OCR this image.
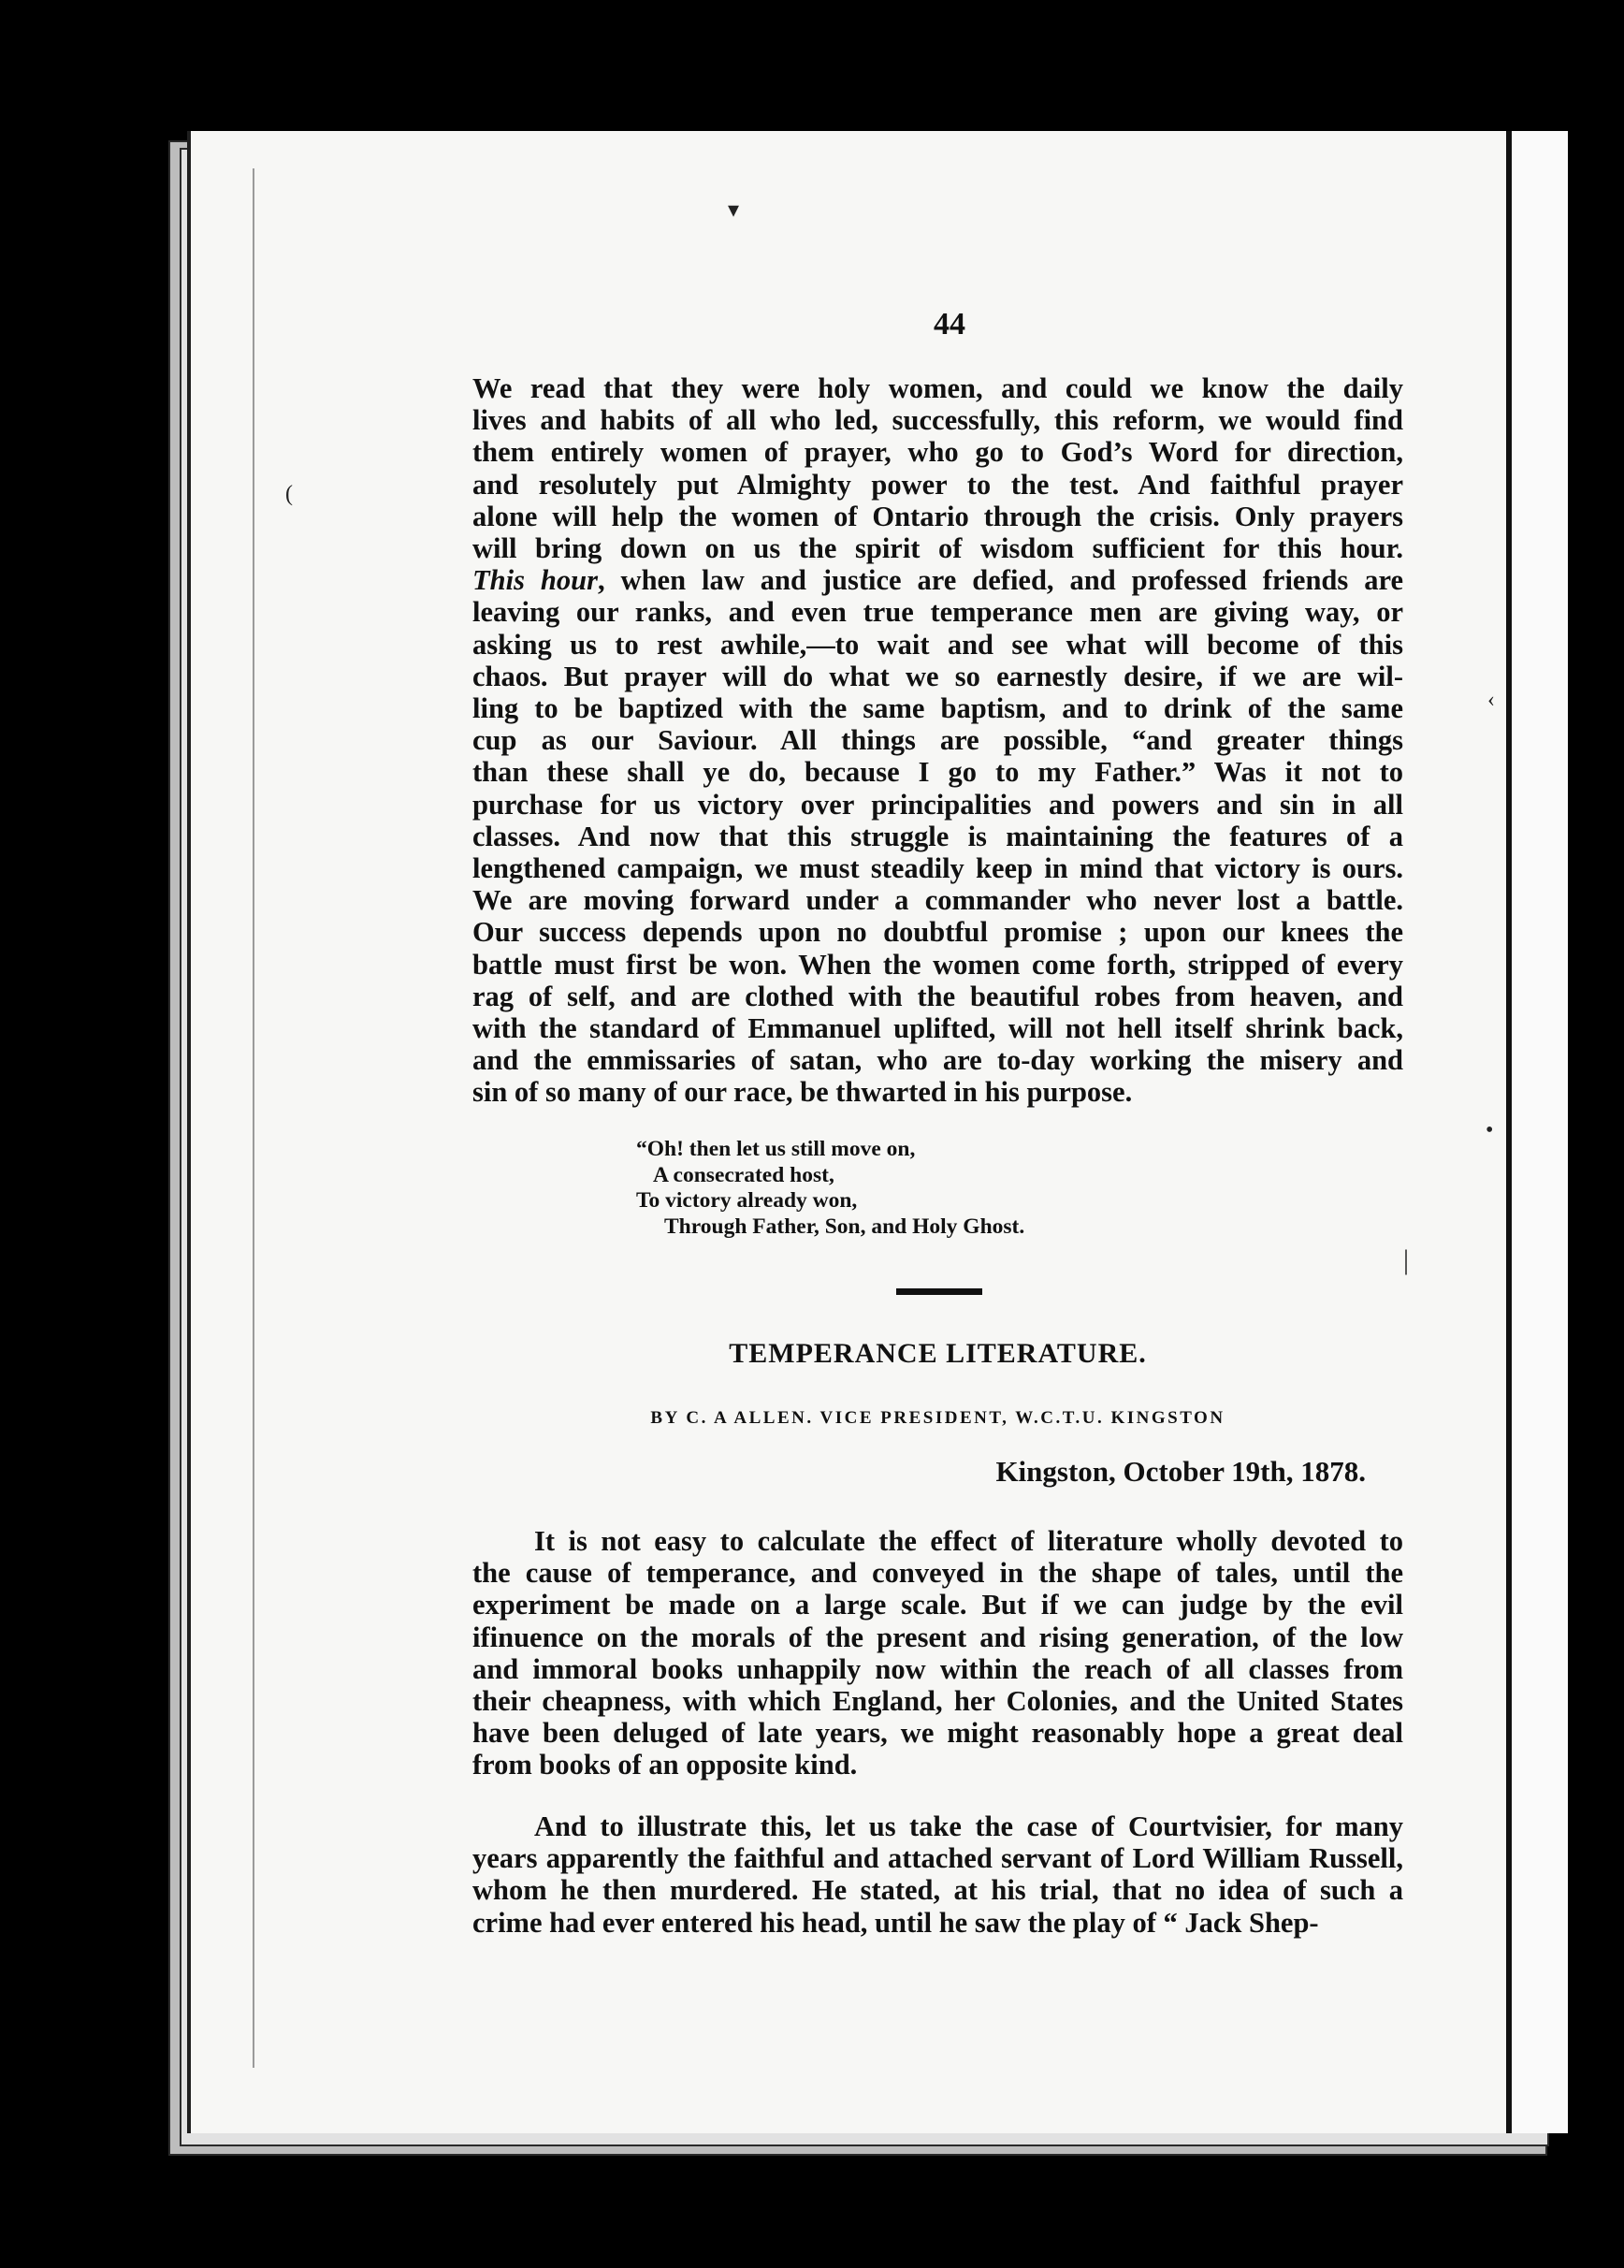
▾
(
‹
•
|
44

We read that they were holy women, and could we know the daily
lives and habits of all who led, successfully, this reform, we would find
them entirely women of prayer, who go to God’s Word for direction,
and resolutely put Almighty power to the test. And faithful prayer
alone will help the women of Ontario through the crisis. Only prayers
will bring down on us the spirit of wisdom sufficient for this hour.
This hour, when law and justice are defied, and professed friends are
leaving our ranks, and even true temperance men are giving way, or
asking us to rest awhile,—to wait and see what will become of this
chaos. But prayer will do what we so earnestly desire, if we are wil-
ling to be baptized with the same baptism, and to drink of the same
cup as our Saviour. All things are possible, “and greater things
than these shall ye do, because I go to my Father.” Was it not to
purchase for us victory over principalities and powers and sin in all
classes. And now that this struggle is maintaining the features of a
lengthened campaign, we must steadily keep in mind that victory is ours.
We are moving forward under a commander who never lost a battle.
Our success depends upon no doubtful promise ; upon our knees the
battle must first be won. When the women come forth, stripped of every
rag of self, and are clothed with the beautiful robes from heaven, and
with the standard of Emmanuel uplifted, will not hell itself shrink back,
and the emmissaries of satan, who are to-day working the misery and
sin of so many of our race, be thwarted in his purpose.

“Oh! then let us still move on,
A consecrated host,
To victory already won,
Through Father, Son, and Holy Ghost.
TEMPERANCE LITERATURE.
BY C. A ALLEN. VICE PRESIDENT, W.C.T.U. KINGSTON
Kingston, October 19th, 1878.

It is not easy to calculate the effect of literature wholly devoted to
the cause of temperance, and conveyed in the shape of tales, until the
experiment be made on a large scale. But if we can judge by the evil
ifinuence on the morals of the present and rising generation, of the low
and immoral books unhappily now within the reach of all classes from
their cheapness, with which England, her Colonies, and the United States
have been deluged of late years, we might reasonably hope a great deal
from books of an opposite kind.

And to illustrate this, let us take the case of Courtvisier, for many
years apparently the faithful and attached servant of Lord William Russell,
whom he then murdered. He stated, at his trial, that no idea of such a
crime had ever entered his head, until he saw the play of “ Jack Shep-
